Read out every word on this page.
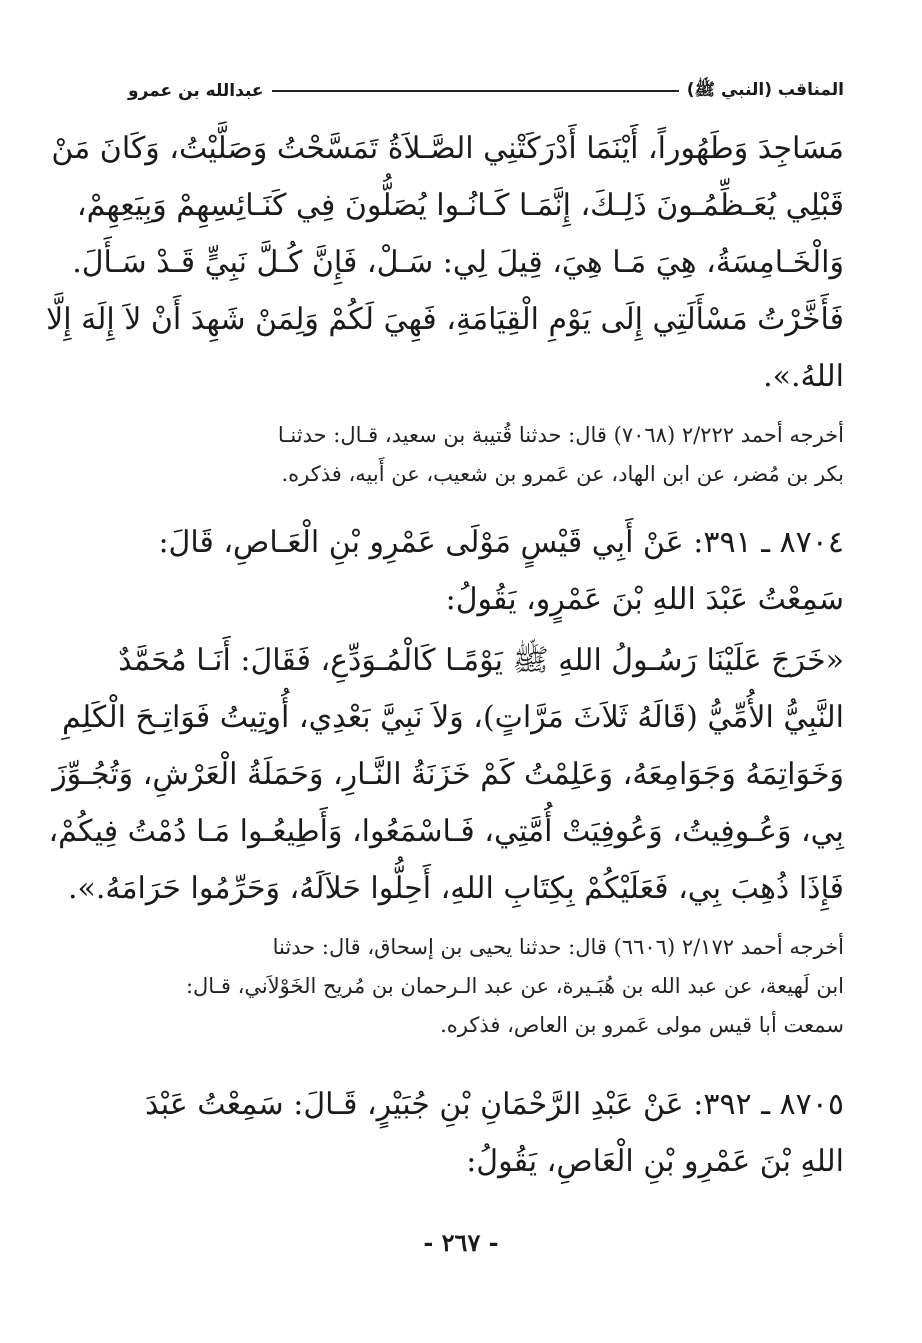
المناقب (النبي ﷺ)
عبدالله بن عمرو
مَسَاجِدَ وَطَهُوراً، أَيْنَمَا أَدْرَكَتْنِي الصَّـلاَةُ تَمَسَّحْتُ وَصَلَّيْتُ، وَكَانَ مَنْ
قَبْلِي يُعَـظِّمُـونَ ذَلِـكَ، إِنَّمَـا كَـانُـوا يُصَلُّونَ فِي كَنَـائِسِهِمْ وَبِيَعِهِمْ،
وَالْخَـامِسَةُ، هِيَ مَـا هِيَ، قِيلَ لِي: سَـلْ، فَإِنَّ كُـلَّ نَبِيٍّ قَـدْ سَـأَلَ.
فَأَخَّرْتُ مَسْأَلَتِي إِلَى يَوْمِ الْقِيَامَةِ، فَهِيَ لَكُمْ وَلِمَنْ شَهِدَ أَنْ لاَ إِلَهَ إِلَّا
اللهُ.».
أخرجه أحمد ٢/٢٢٢ (٧٠٦٨) قال: حدثنا قُتيبة بن سعيد، قـال: حدثنـا
بكر بن مُضر، عن ابن الهاد، عن عَمرو بن شعيب، عن أَبيه، فذكره.
٨٧٠٤ ـ ٣٩١: عَنْ أَبِي قَيْسٍ مَوْلَى عَمْرِو بْنِ الْعَـاصِ، قَالَ:
سَمِعْتُ عَبْدَ اللهِ بْنَ عَمْرٍو، يَقُولُ:
«خَرَجَ عَلَيْنَا رَسُـولُ اللهِ ﷺ يَوْمًـا كَالْمُـوَدِّعِ، فَقَالَ: أَنَـا مُحَمَّدٌ
النَّبِيُّ الأُمِّيُّ (قَالَهُ ثَلاَثَ مَرَّاتٍ)، وَلاَ نَبِيَّ بَعْدِي، أُوتِيتُ فَوَاتِـحَ الْكَلِمِ
وَخَوَاتِمَهُ وَجَوَامِعَهُ، وَعَلِمْتُ كَمْ خَزَنَةُ النَّـارِ، وَحَمَلَةُ الْعَرْشِ، وَتُجُـوِّزَ
بِي، وَعُـوفِيتُ، وَعُوفِيَتْ أُمَّتِي، فَـاسْمَعُوا، وَأَطِيعُـوا مَـا دُمْتُ فِيكُمْ،
فَإِذَا ذُهِبَ بِي، فَعَلَيْكُمْ بِكِتَابِ اللهِ، أَحِلُّوا حَلاَلَهُ، وَحَرِّمُوا حَرَامَهُ.».
أخرجه أحمد ٢/١٧٢ (٦٦٠٦) قال: حدثنا يحيى بن إسحاق، قال: حدثنا
ابن لَهيعة، عن عبد الله بن هُبَـيرة، عن عبد الـرحمان بن مُريح الخَوْلاَني، قـال:
سمعت أبا قيس مولى عَمرو بن العاص، فذكره.
٨٧٠٥ ـ ٣٩٢: عَنْ عَبْدِ الرَّحْمَانِ بْنِ جُبَيْرٍ، قَـالَ: سَمِعْتُ عَبْدَ
اللهِ بْنَ عَمْرِو بْنِ الْعَاصِ، يَقُولُ:
- ٢٦٧ -
